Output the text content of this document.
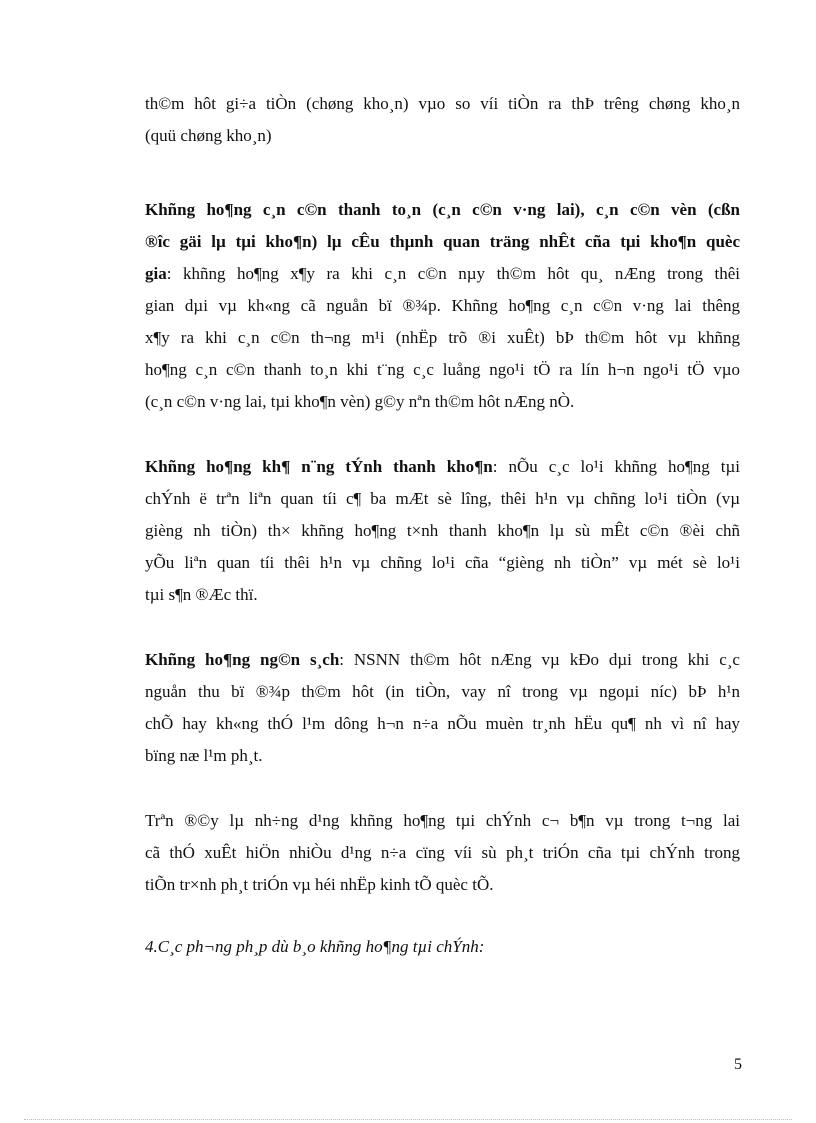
th©m hôt gi÷a tiÒn (chøng kho¸n) vµo so víi tiÒn ra thÞ trêng chøng kho¸n
(quü chøng kho¸n)
Khñng ho¶ng c¸n c©n thanh to¸n (c¸n c©n v·ng lai), c¸n c©n vèn (cßn
®îc gäi lµ tµi kho¶n) lµ cÊu thµnh quan träng nhÊt cña tµi kho¶n quèc
gia: khñng ho¶ng x¶y ra khi c¸n c©n nµy th©m hôt qu¸ nÆng trong thêi
gian dµi vµ kh«ng cã nguån bï ®¾p. Khñng ho¶ng c¸n c©n v·ng lai thêng
x¶y ra khi c¸n c©n th¬ng m¹i (nhËp trõ ®i xuÊt) bÞ th©m hôt vµ khñng
ho¶ng c¸n c©n thanh to¸n khi t¨ng c¸c luång ngo¹i tÖ ra lín h¬n ngo¹i tÖ vµo
(c¸n c©n v·ng lai, tµi kho¶n vèn) g©y nªn th©m hôt nÆng nÒ.
Khñng ho¶ng kh¶ n¨ng tÝnh thanh kho¶n: nÕu c¸c lo¹i khñng ho¶ng tµi
chÝnh ë trªn liªn quan tíi c¶ ba mÆt sè lîng, thêi h¹n vµ chñng lo¹i tiÒn (vµ
gièng nh tiÒn) th× khñng ho¶ng t×nh thanh kho¶n lµ sù mÊt c©n ®èi chñ
yÕu liªn quan tíi thêi h¹n vµ chñng lo¹i cña “gièng nh tiÒn” vµ mét sè lo¹i
tµi s¶n ®Æc thï.
Khñng ho¶ng ng©n s¸ch: NSNN th©m hôt nÆng vµ kÐo dµi trong khi c¸c
nguån thu bï ®¾p th©m hôt (in tiÒn, vay nî trong vµ ngoµi níc) bÞ h¹n
chÕ hay kh«ng thÓ l¹m dông h¬n n÷a nÕu muèn tr¸nh hËu qu¶ nh vì nî hay
bïng næ l¹m ph¸t.
Trªn ®©y lµ nh÷ng d¹ng khñng ho¶ng tµi chÝnh c¬ b¶n vµ trong t¬ng lai
cã thÓ xuÊt hiÖn nhiÒu d¹ng n÷a cïng víi sù ph¸t triÓn cña tµi chÝnh trong
tiÕn tr×nh ph¸t triÓn vµ héi nhËp kinh tÕ quèc tÕ.
4.C¸c ph¬ng ph¸p dù b¸o khñng ho¶ng tµi chÝnh:
5
